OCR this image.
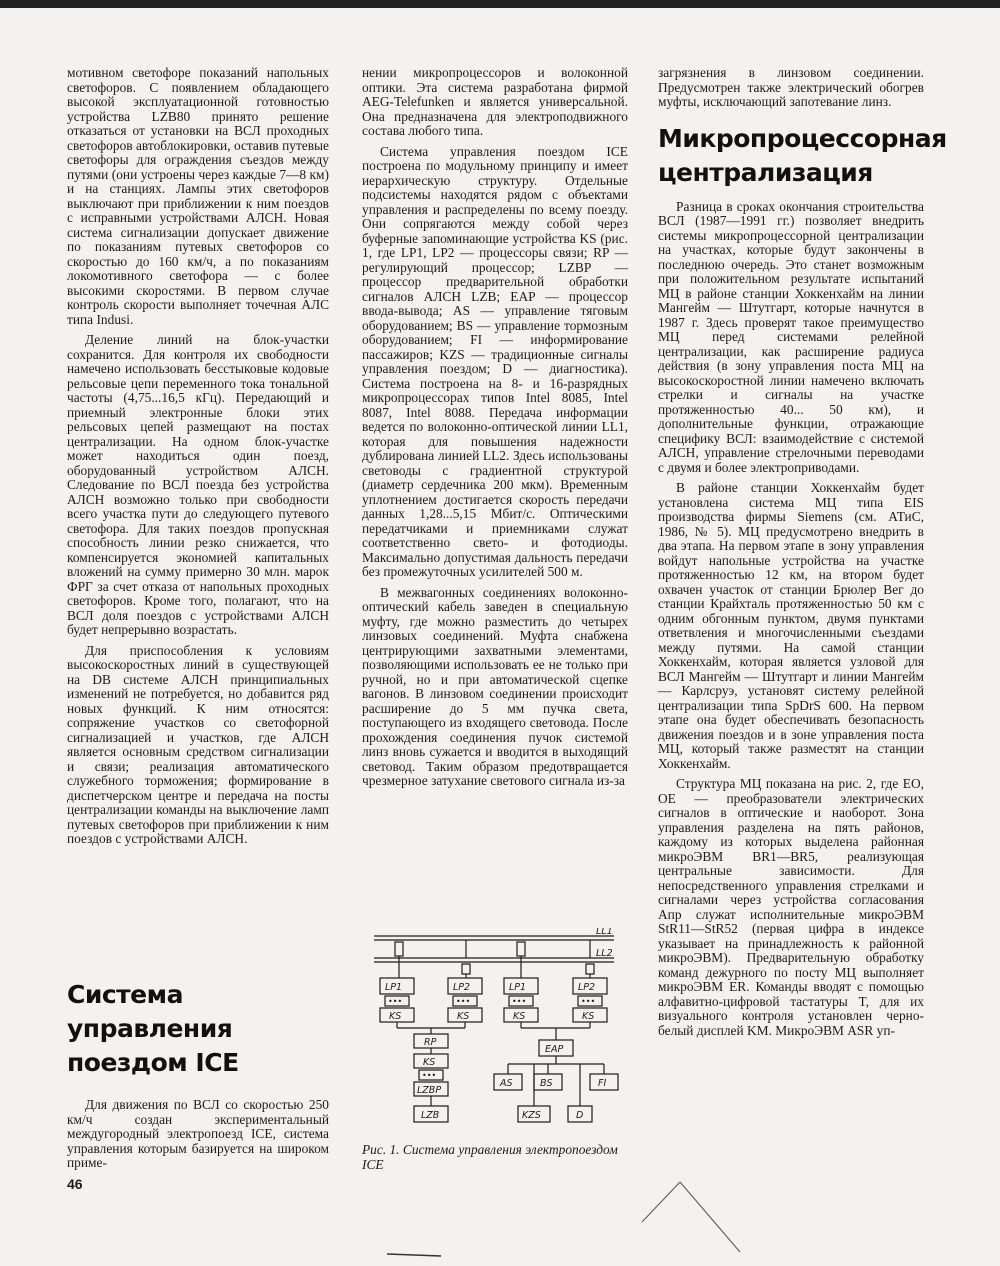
мотивном светофоре показаний напольных светофоров. С появлением обладающего высокой эксплуатационной готовностью устройства LZB80 принято решение отказаться от установки на ВСЛ проходных светофоров автоблокировки, оставив путевые светофоры для ограждения съездов между путями (они устроены через каждые 7—8 км) и на станциях. Лампы этих светофоров выключают при приближении к ним поездов с исправными устройствами АЛСН. Новая система сигнализации допускает движение по показаниям путевых светофоров со скоростью до 160 км/ч, а по показаниям локомотивного светофора — с более высокими скоростями. В первом случае контроль скорости выполняет точечная АЛС типа Indusi.

Деление линий на блок-участки сохранится. Для контроля их свободности намечено использовать бесстыковые кодовые рельсовые цепи переменного тока тональной частоты (4,75...16,5 кГц). Передающий и приемный электронные блоки этих рельсовых цепей размещают на постах централизации. На одном блок-участке может находиться один поезд, оборудованный устройством АЛСН. Следование по ВСЛ поезда без устройства АЛСН возможно только при свободности всего участка пути до следующего путевого светофора. Для таких поездов пропускная способность линии резко снижается, что компенсируется экономией капитальных вложений на сумму примерно 30 млн. марок ФРГ за счет отказа от напольных проходных светофоров. Кроме того, полагают, что на ВСЛ доля поездов с устройствами АЛСН будет непрерывно возрастать.

Для приспособления к условиям высокоскоростных линий в существующей на DB системе АЛСН принципиальных изменений не потребуется, но добавится ряд новых функций. К ним относятся: сопряжение участков со светофорной сигнализацией и участков, где АЛСН является основным средством сигнализации и связи; реализация автоматического служебного торможения; формирование в диспетчерском центре и передача на посты централизации команды на выключение ламп путевых светофоров при приближении к ним поездов с устройствами АЛСН.

Система
управления
поездом ICE

Для движения по ВСЛ со скоростью 250 км/ч создан экспериментальный междугородный электропоезд ICE, система управления которым базируется на широком приме-

46

нении микропроцессоров и волоконной оптики. Эта система разработана фирмой AEG-Telefunken и является универсальной. Она предназначена для электроподвижного состава любого типа.

Система управления поездом ICE построена по модульному принципу и имеет иерархическую структуру. Отдельные подсистемы находятся рядом с объектами управления и распределены по всему поезду. Они сопрягаются между собой через буферные запоминающие устройства KS (рис. 1, где LP1, LP2 — процессоры связи; RP — регулирующий процессор; LZBP — процессор предварительной обработки сигналов АЛСН LZB; EAP — процессор ввода-вывода; AS — управление тяговым оборудованием; BS — управление тормозным оборудованием; FI — информирование пассажиров; KZS — традиционные сигналы управления поездом; D — диагностика). Система построена на 8- и 16-разрядных микропроцессорах типов Intel 8085, Intel 8087, Intel 8088. Передача информации ведется по волоконно-оптической линии LL1, которая для повышения надежности дублирована линией LL2. Здесь использованы световоды с градиентной структурой (диаметр сердечника 200 мкм). Временным уплотнением достигается скорость передачи данных 1,28...5,15 Мбит/с. Оптическими передатчиками и приемниками служат соответственно свето- и фотодиоды. Максимально допустимая дальность передачи без промежуточных усилителей 500 м.

В межвагонных соединениях волоконно-оптический кабель заведен в специальную муфту, где можно разместить до четырех линзовых соединений. Муфта снабжена центрирующими захватными элементами, позволяющими использовать ее не только при ручной, но и при автоматической сцепке вагонов. В линзовом соединении происходит расширение до 5 мм пучка света, поступающего из входящего световода. После прохождения соединения пучок системой линз вновь сужается и вводится в выходящий световод. Таким образом предотвращается чрезмерное затухание светового сигнала из-за

LL1
LL2
LP1	LP2
•••	•••
KS	KS
RP
KS
•••
LZBP
LZB
LP1	LP2
•••	•••
KS	KS
EAP
AS	BS	FI
KZS	D
Рис. 1. Система управления электропоездом ICE

загрязнения в линзовом соединении. Предусмотрен также электрический обогрев муфты, исключающий запотевание линз.

Микропроцессорная
централизация

Разница в сроках окончания строительства ВСЛ (1987—1991 гг.) позволяет внедрить системы микропроцессорной централизации на участках, которые будут закончены в последнюю очередь. Это станет возможным при положительном результате испытаний МЦ в районе станции Хоккенхайм на линии Мангейм — Штутгарт, которые начнутся в 1987 г. Здесь проверят такое преимущество МЦ перед системами релейной централизации, как расширение радиуса действия (в зону управления поста МЦ на высокоскоростной линии намечено включать стрелки и сигналы на участке протяженностью 40... 50 км), и дополнительные функции, отражающие специфику ВСЛ: взаимодействие с системой АЛСН, управление стрелочными переводами с двумя и более электроприводами.

В районе станции Хоккенхайм будет установлена система МЦ типа EIS производства фирмы Siemens (см. АТиС, 1986, № 5). МЦ предусмотрено внедрить в два этапа. На первом этапе в зону управления войдут напольные устройства на участке протяженностью 12 км, на втором будет охвачен участок от станции Брюлер Вег до станции Крайхталь протяженностью 50 км с одним обгонным пунктом, двумя пунктами ответвления и многочисленными съездами между путями. На самой станции Хоккенхайм, которая является узловой для ВСЛ Мангейм — Штутгарт и линии Мангейм — Карлсруэ, установят систему релейной централизации типа SpDrS 600. На первом этапе она будет обеспечивать безопасность движения поездов и в зоне управления поста МЦ, который также разместят на станции Хоккенхайм.

Структура МЦ показана на рис. 2, где EO, OE — преобразователи электрических сигналов в оптические и наоборот. Зона управления разделена на пять районов, каждому из которых выделена районная микроЭВМ BR1—BR5, реализующая центральные зависимости. Для непосредственного управления стрелками и сигналами через устройства согласования Апр служат исполнительные микроЭВМ StR11—StR52 (первая цифра в индексе указывает на принадлежность к районной микроЭВМ). Предварительную обработку команд дежурного по посту МЦ выполняет микроЭВМ ER. Команды вводят с помощью алфавитно-цифровой тастатуры T, для их визуального контроля установлен черно-белый дисплей KM. МикроЭВМ ASR уп-
